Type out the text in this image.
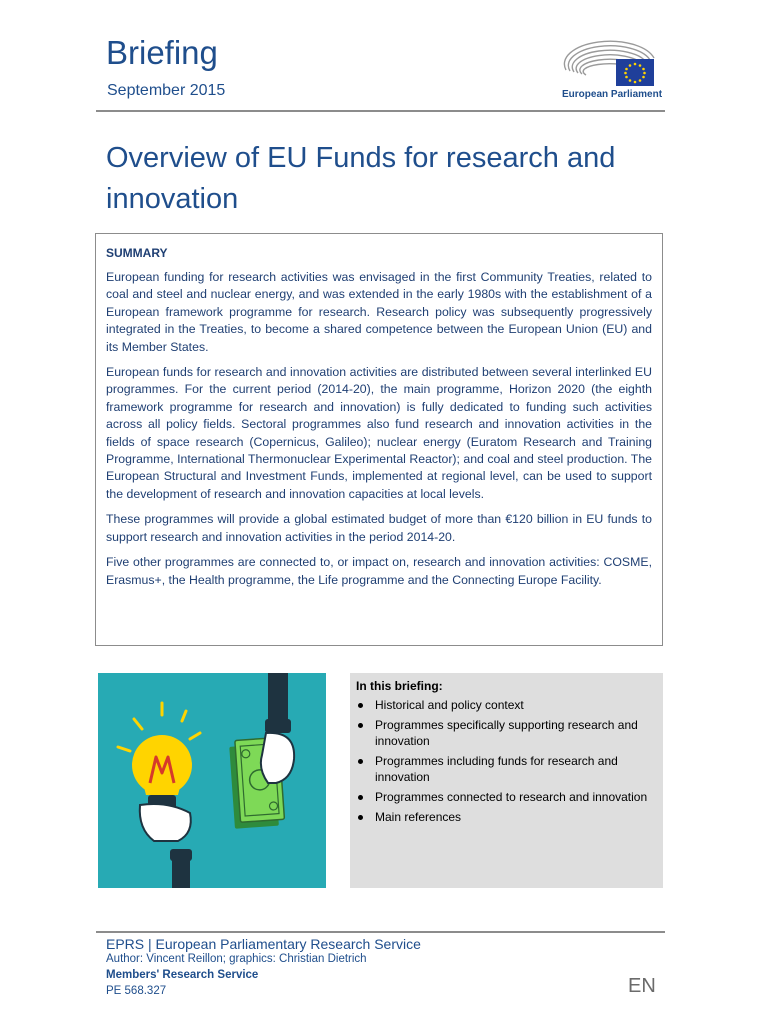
Briefing
September 2015	European Parliament
Overview of EU Funds for research and innovation
SUMMARY

European funding for research activities was envisaged in the first Community Treaties, related to coal and steel and nuclear energy, and was extended in the early 1980s with the establishment of a European framework programme for research. Research policy was subsequently progressively integrated in the Treaties, to become a shared competence between the European Union (EU) and its Member States.

European funds for research and innovation activities are distributed between several interlinked EU programmes. For the current period (2014-20), the main programme, Horizon 2020 (the eighth framework programme for research and innovation) is fully dedicated to funding such activities across all policy fields. Sectoral programmes also fund research and innovation activities in the fields of space research (Copernicus, Galileo); nuclear energy (Euratom Research and Training Programme, International Thermonuclear Experimental Reactor); and coal and steel production. The European Structural and Investment Funds, implemented at regional level, can be used to support the development of research and innovation capacities at local levels.

These programmes will provide a global estimated budget of more than €120 billion in EU funds to support research and innovation activities in the period 2014-20.

Five other programmes are connected to, or impact on, research and innovation activities: COSME, Erasmus+, the Health programme, the Life programme and the Connecting Europe Facility.

In this briefing:
Historical and policy context
Programmes specifically supporting research and innovation
Programmes including funds for research and innovation
Programmes connected to research and innovation
Main references
EPRS | European Parliamentary Research Service
Author: Vincent Reillon; graphics: Christian Dietrich
Members' Research Service
PE 568.327	EN
